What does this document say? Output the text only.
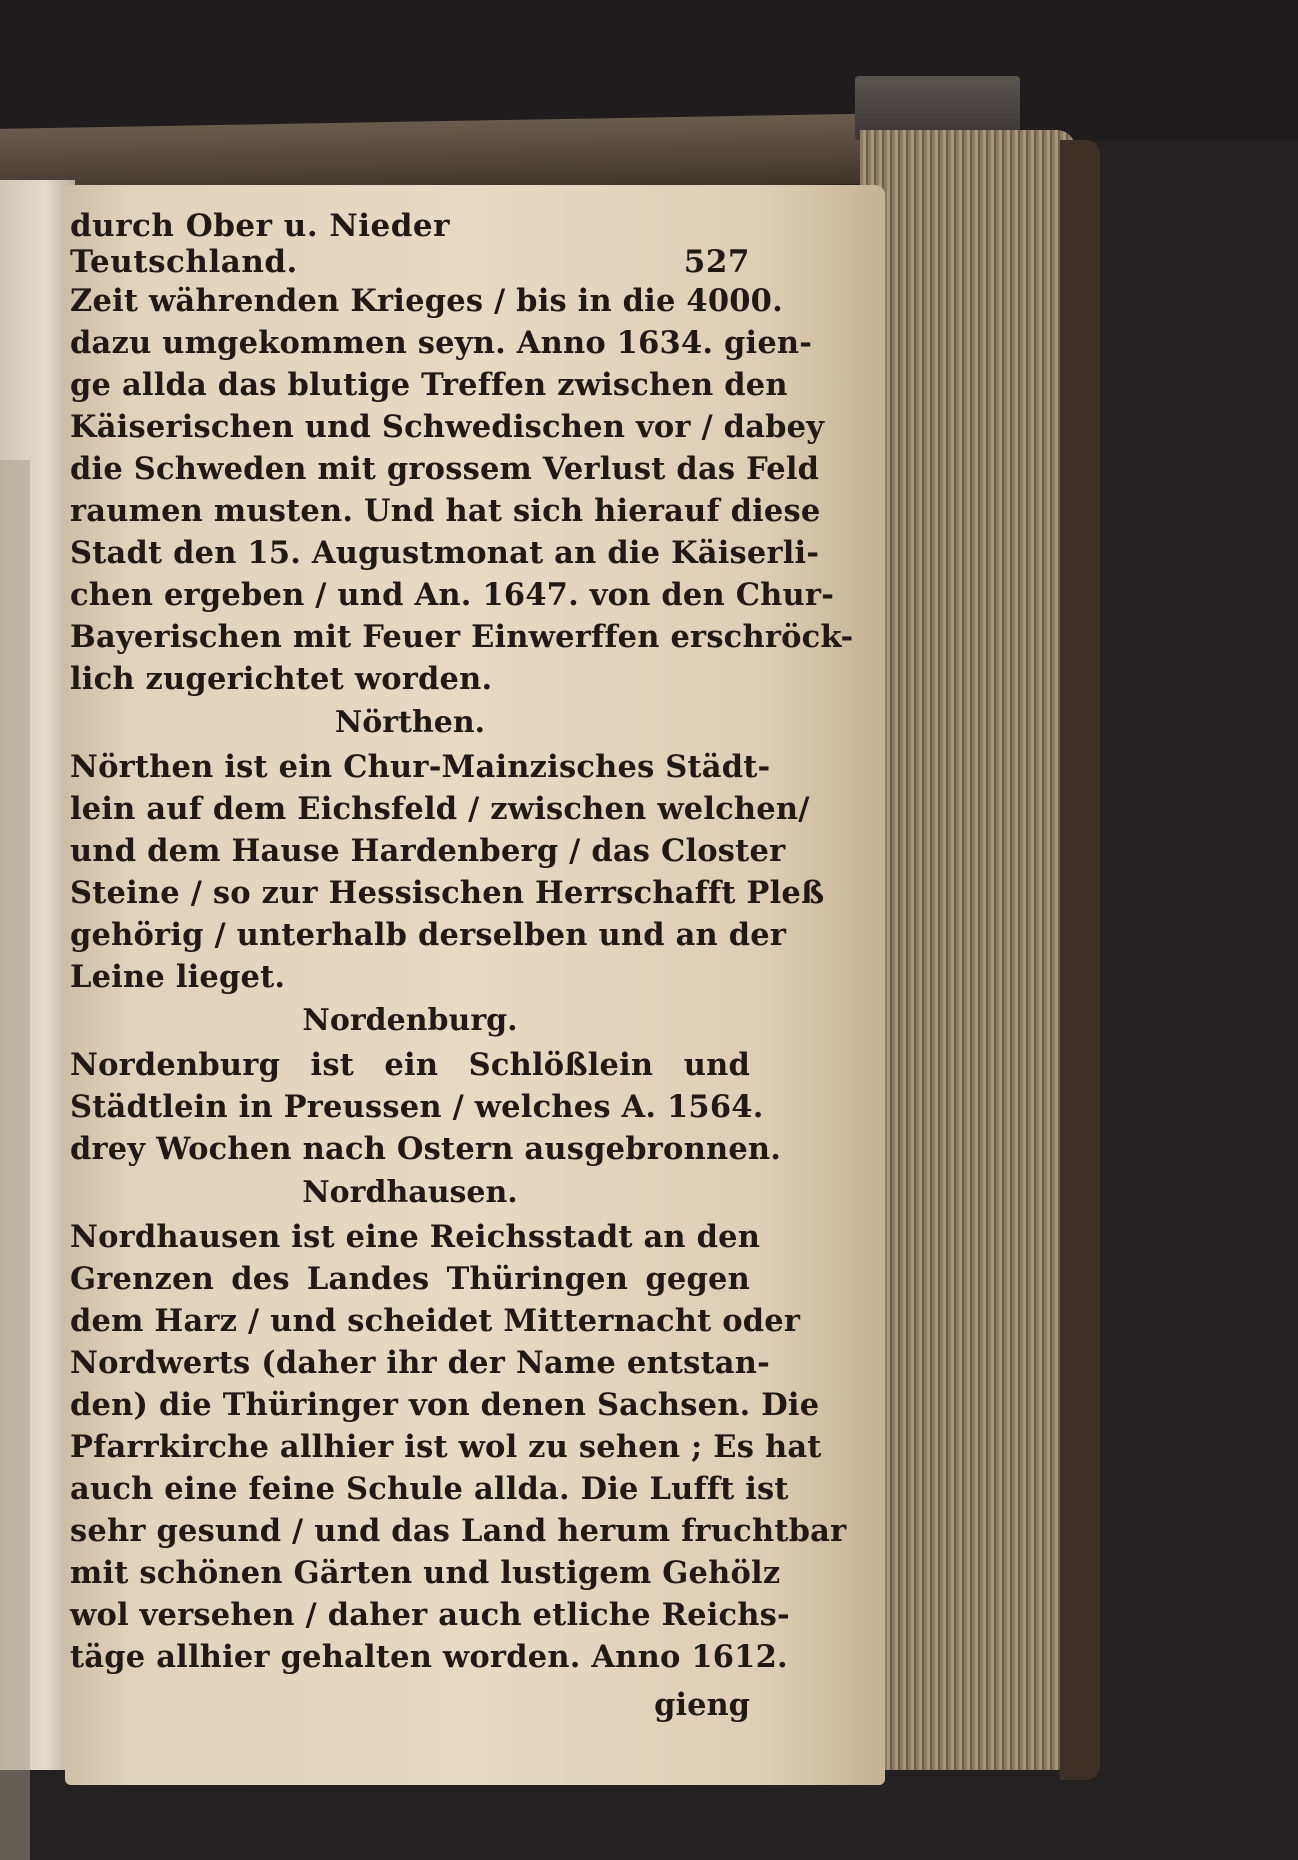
durch Ober u. Nieder Teutschland.	527
Zeit währenden Krieges / bis in die 4000.
dazu umgekommen seyn. Anno 1634. gien-
ge allda das blutige Treffen zwischen den
Käiserischen und Schwedischen vor / dabey
die Schweden mit grossem Verlust das Feld
raumen musten. Und hat sich hierauf diese
Stadt den 15. Augustmonat an die Käiserli-
chen ergeben / und An. 1647. von den Chur-
Bayerischen mit Feuer Einwerffen erschröck-
lich zugerichtet worden.
Nörthen.
Nörthen ist ein Chur-Mainzisches Städt-
lein auf dem Eichsfeld / zwischen welchen/
und dem Hause Hardenberg / das Closter
Steine / so zur Hessischen Herrschafft Pleß
gehörig / unterhalb derselben und an der
Leine lieget.
Nordenburg.
Nordenburg ist ein Schlößlein und
Städtlein in Preussen / welches A. 1564.
drey Wochen nach Ostern ausgebronnen.
Nordhausen.
Nordhausen ist eine Reichsstadt an den
Grenzen des Landes Thüringen gegen
dem Harz / und scheidet Mitternacht oder
Nordwerts (daher ihr der Name entstan-
den) die Thüringer von denen Sachsen. Die
Pfarrkirche allhier ist wol zu sehen ; Es hat
auch eine feine Schule allda. Die Lufft ist
sehr gesund / und das Land herum fruchtbar
mit schönen Gärten und lustigem Gehölz
wol versehen / daher auch etliche Reichs-
täge allhier gehalten worden. Anno 1612.
gieng
